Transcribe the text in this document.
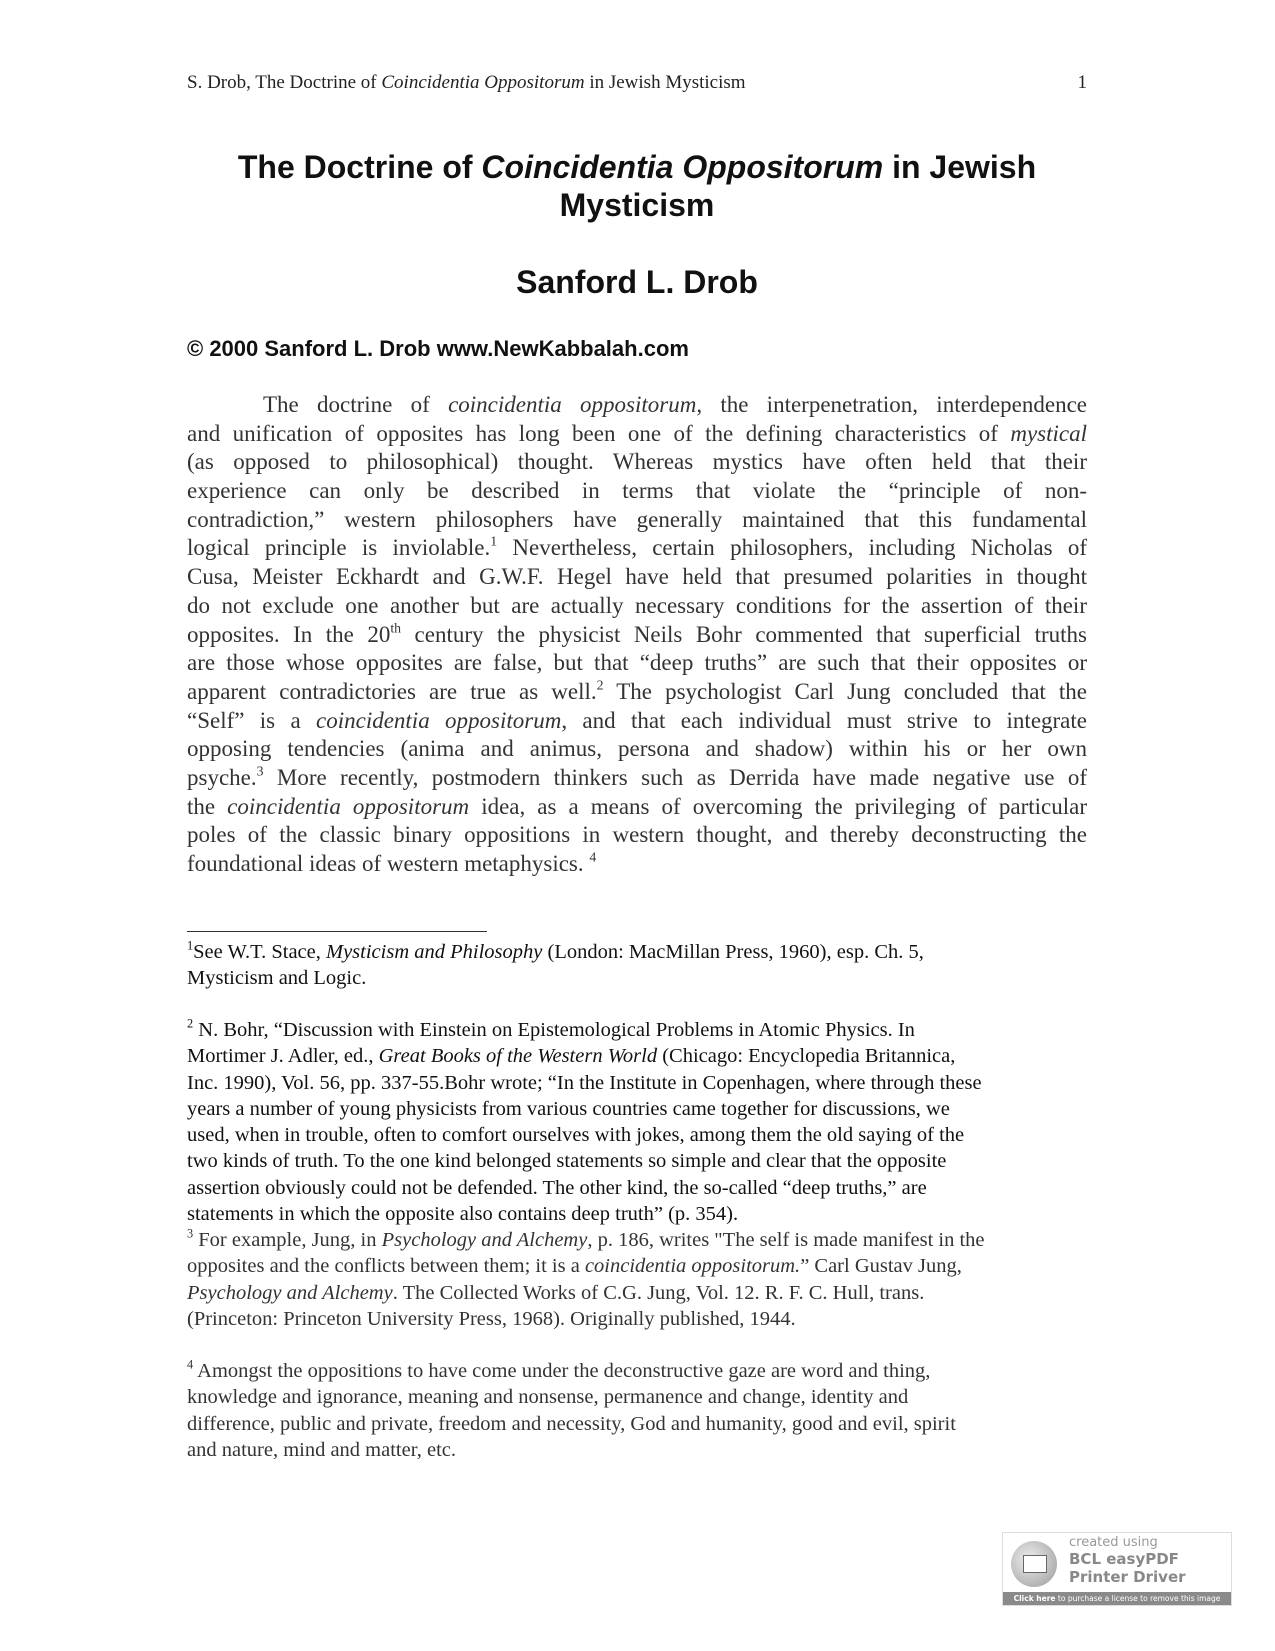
S. Drob, The Doctrine of Coincidentia Oppositorum in Jewish Mysticism	1
The Doctrine of Coincidentia Oppositorum in Jewish
Mysticism
Sanford L. Drob
© 2000 Sanford L. Drob www.NewKabbalah.com
The doctrine of coincidentia oppositorum, the interpenetration, interdependence
and unification of opposites has long been one of the defining characteristics of mystical
(as opposed to philosophical) thought. Whereas mystics have often held that their
experience can only be described in terms that violate the “principle of non-
contradiction,” western philosophers have generally maintained that this fundamental
logical principle is inviolable.$^1$ Nevertheless, certain philosophers, including Nicholas of
Cusa, Meister Eckhardt and G.W.F. Hegel have held that presumed polarities in thought
do not exclude one another but are actually necessary conditions for the assertion of their
opposites. In the 20th century the physicist Neils Bohr commented that superficial truths
are those whose opposites are false, but that “deep truths” are such that their opposites or
apparent contradictories are true as well.$^2$ The psychologist Carl Jung concluded that the
“Self” is a coincidentia oppositorum, and that each individual must strive to integrate
opposing tendencies (anima and animus, persona and shadow) within his or her own
psyche.$^3$ More recently, postmodern thinkers such as Derrida have made negative use of
the coincidentia oppositorum idea, as a means of overcoming the privileging of particular
poles of the classic binary oppositions in western thought, and thereby deconstructing the
foundational ideas of western metaphysics. $^4$
$^1$See W.T. Stace, Mysticism and Philosophy (London: MacMillan Press, 1960), esp. Ch. 5,
Mysticism and Logic.
$^2$ N. Bohr, “Discussion with Einstein on Epistemological Problems in Atomic Physics. In
Mortimer J. Adler, ed., Great Books of the Western World (Chicago: Encyclopedia Britannica,
Inc. 1990), Vol. 56, pp. 337-55.Bohr wrote; “In the Institute in Copenhagen, where through these
years a number of young physicists from various countries came together for discussions, we
used, when in trouble, often to comfort ourselves with jokes, among them the old saying of the
two kinds of truth. To the one kind belonged statements so simple and clear that the opposite
assertion obviously could not be defended. The other kind, the so-called “deep truths,” are
statements in which the opposite also contains deep truth” (p. 354).
$^3$ For example, Jung, in Psychology and Alchemy, p. 186, writes "The self is made manifest in the
opposites and the conflicts between them; it is a coincidentia oppositorum.” Carl Gustav Jung,
Psychology and Alchemy. The Collected Works of C.G. Jung, Vol. 12. R. F. C. Hull, trans.
(Princeton: Princeton University Press, 1968). Originally published, 1944.
$^4$ Amongst the oppositions to have come under the deconstructive gaze are word and thing,
knowledge and ignorance, meaning and nonsense, permanence and change, identity and
difference, public and private, freedom and necessity, God and humanity, good and evil, spirit
and nature, mind and matter, etc.
created using
BCL easyPDF
Printer Driver
Click here to purchase a license to remove this image
